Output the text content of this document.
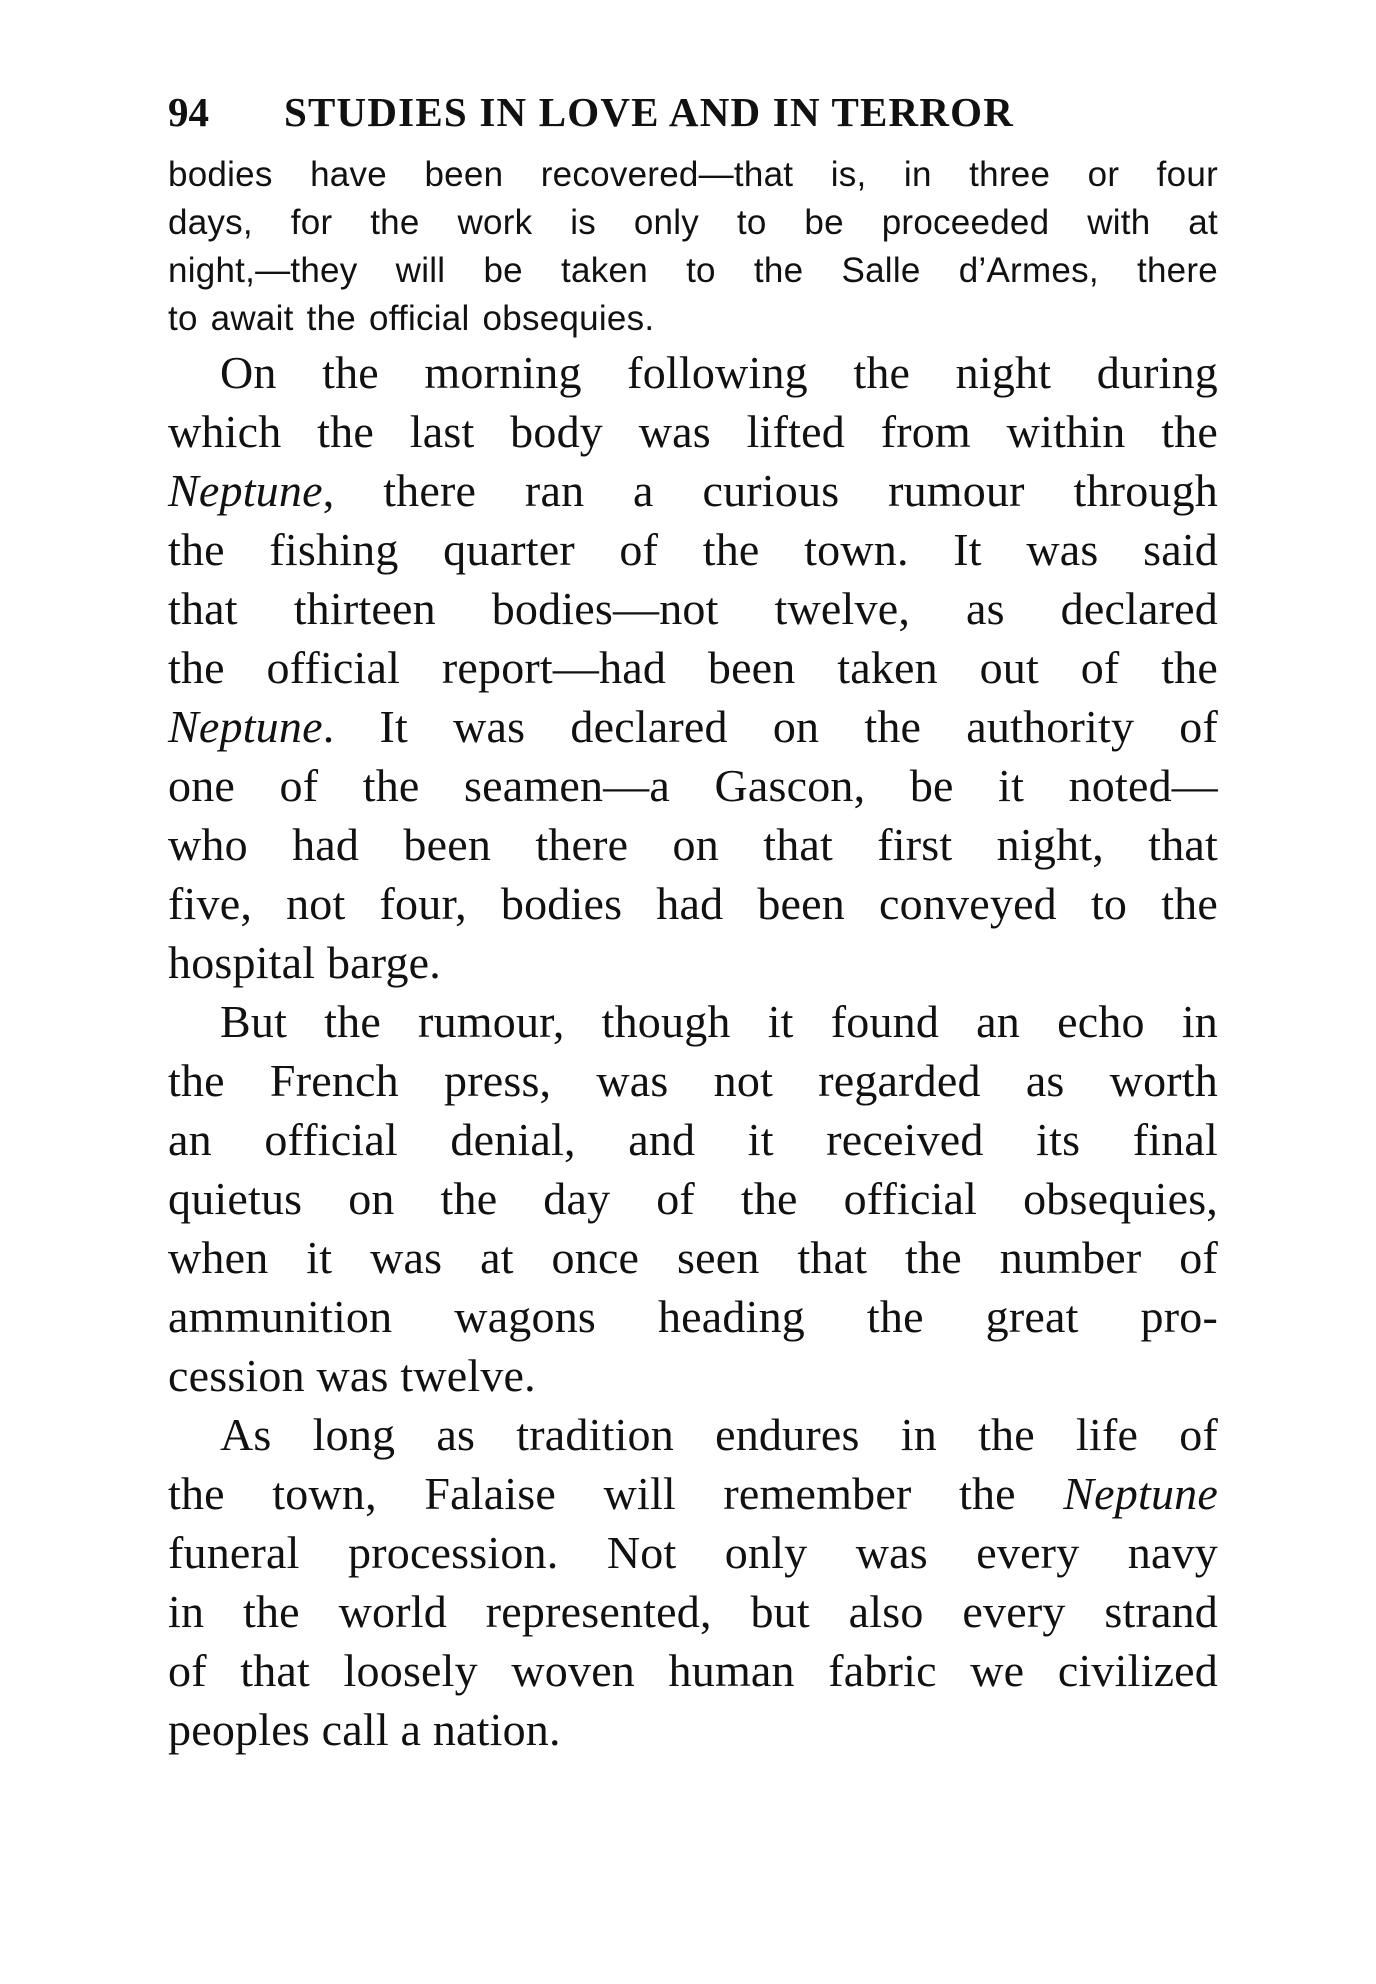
94	STUDIES IN LOVE AND IN TERROR

bodies have been recovered—that is, in three or four
days, for the work is only to be proceeded with at
night,—they will be taken to the Salle d’Armes, there
to await the official obsequies.

On the morning following the night during
which the last body was lifted from within the
Neptune, there ran a curious rumour through
the fishing quarter of the town. It was said
that thirteen bodies—not twelve, as declared
the official report—had been taken out of the
Neptune. It was declared on the authority of
one of the seamen—a Gascon, be it noted—
who had been there on that first night, that
five, not four, bodies had been conveyed to the
hospital barge.

But the rumour, though it found an echo in
the French press, was not regarded as worth
an official denial, and it received its final
quietus on the day of the official obsequies,
when it was at once seen that the number of
ammunition wagons heading the great pro-
cession was twelve.

As long as tradition endures in the life of
the town, Falaise will remember the Neptune
funeral procession. Not only was every navy
in the world represented, but also every strand
of that loosely woven human fabric we civilized
peoples call a nation.
